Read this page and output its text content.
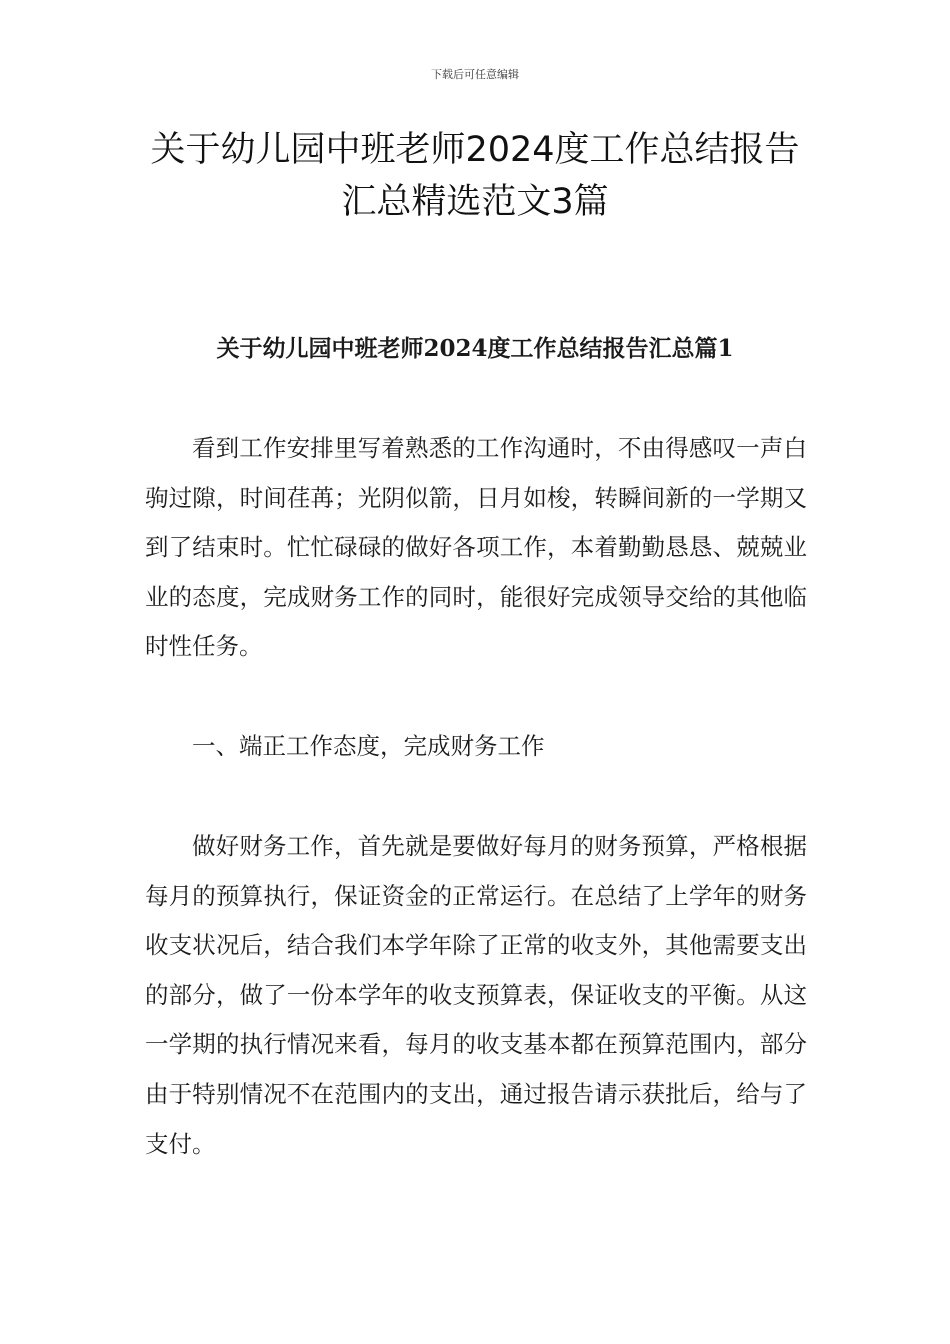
下载后可任意编辑
关于幼儿园中班老师2024度工作总结报告
汇总精选范文3篇
关于幼儿园中班老师2024度工作总结报告汇总篇1

看到工作安排里写着熟悉的工作沟通时，不由得感叹一声白驹过隙，时间荏苒；光阴似箭，日月如梭，转瞬间新的一学期又到了结束时。忙忙碌碌的做好各项工作，本着勤勤恳恳、兢兢业业的态度，完成财务工作的同时，能很好完成领导交给的其他临时性任务。

一、端正工作态度，完成财务工作

做好财务工作，首先就是要做好每月的财务预算，严格根据每月的预算执行，保证资金的正常运行。在总结了上学年的财务收支状况后，结合我们本学年除了正常的收支外，其他需要支出的部分，做了一份本学年的收支预算表，保证收支的平衡。从这一学期的执行情况来看，每月的收支基本都在预算范围内，部分由于特别情况不在范围内的支出，通过报告请示获批后，给与了支付。
